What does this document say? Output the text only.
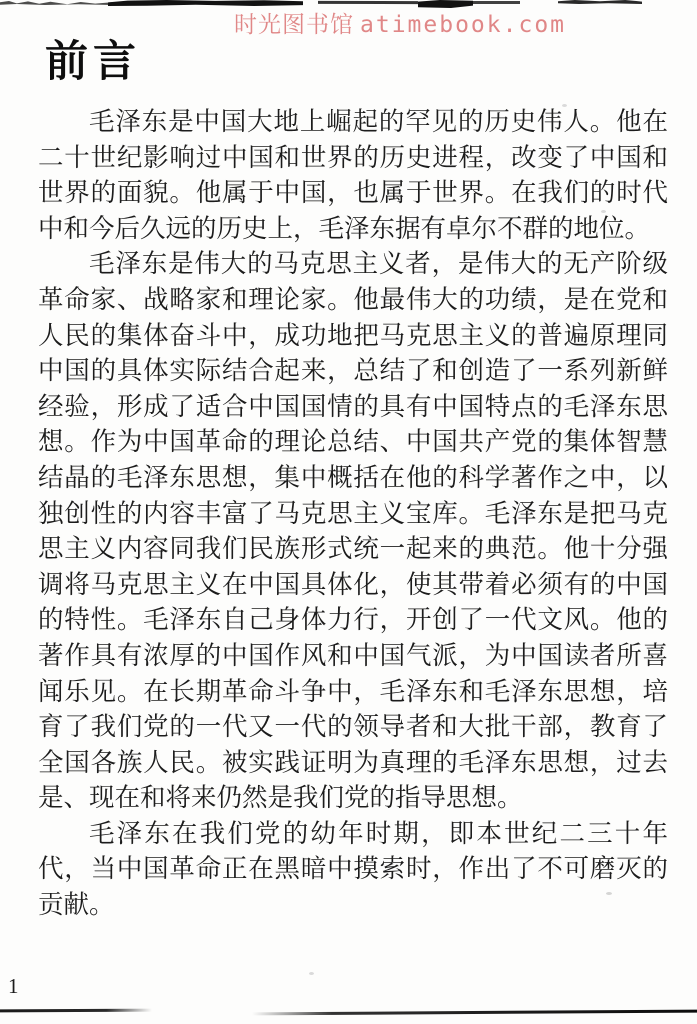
时光图书馆 atimebook.com
前言

毛泽东是中国大地上崛起的罕见的历史伟人。他在二十世纪影响过中国和世界的历史进程，改变了中国和世界的面貌。他属于中国，也属于世界。在我们的时代中和今后久远的历史上，毛泽东据有卓尔不群的地位。

毛泽东是伟大的马克思主义者，是伟大的无产阶级革命家、战略家和理论家。他最伟大的功绩，是在党和人民的集体奋斗中，成功地把马克思主义的普遍原理同中国的具体实际结合起来，总结了和创造了一系列新鲜经验，形成了适合中国国情的具有中国特点的毛泽东思想。作为中国革命的理论总结、中国共产党的集体智慧结晶的毛泽东思想，集中概括在他的科学著作之中，以独创性的内容丰富了马克思主义宝库。毛泽东是把马克思主义内容同我们民族形式统一起来的典范。他十分强调将马克思主义在中国具体化，使其带着必须有的中国的特性。毛泽东自己身体力行，开创了一代文风。他的著作具有浓厚的中国作风和中国气派，为中国读者所喜闻乐见。在长期革命斗争中，毛泽东和毛泽东思想，培育了我们党的一代又一代的领导者和大批干部，教育了全国各族人民。被实践证明为真理的毛泽东思想，过去是、现在和将来仍然是我们党的指导思想。

毛泽东在我们党的幼年时期，即本世纪二三十年代，当中国革命正在黑暗中摸索时，作出了不可磨灭的贡献。

1
